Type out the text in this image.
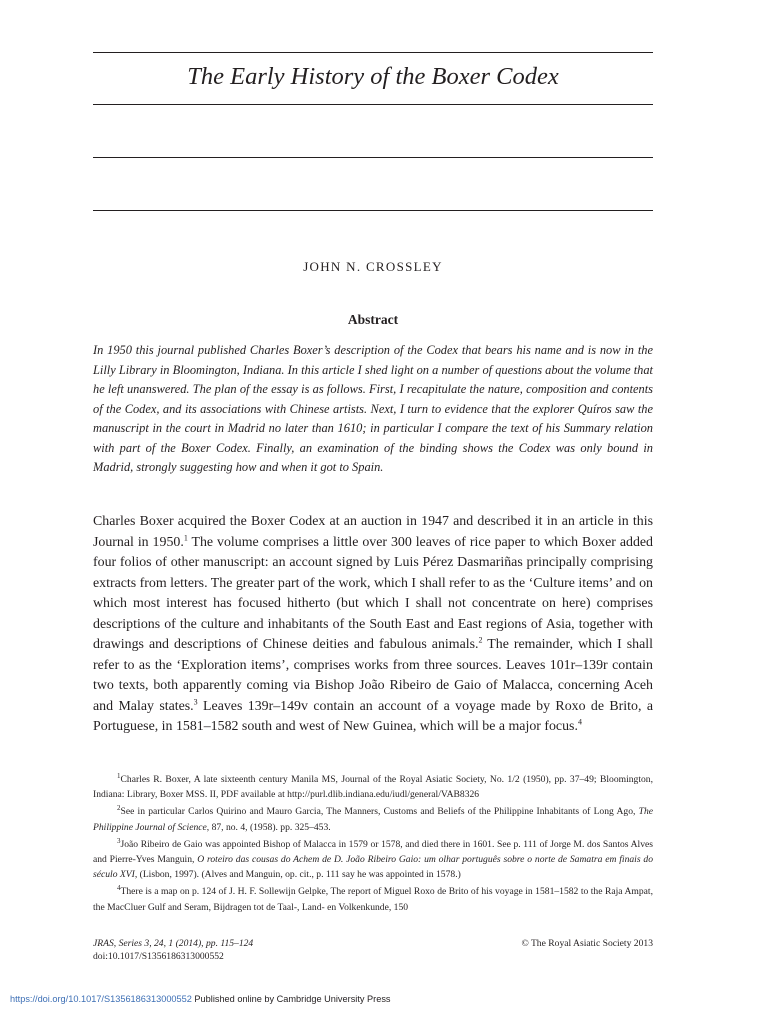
The Early History of the Boxer Codex
JOHN N. CROSSLEY
Abstract

In 1950 this journal published Charles Boxer’s description of the Codex that bears his name and is now in the Lilly Library in Bloomington, Indiana. In this article I shed light on a number of questions about the volume that he left unanswered. The plan of the essay is as follows. First, I recapitulate the nature, composition and contents of the Codex, and its associations with Chinese artists. Next, I turn to evidence that the explorer Quíros saw the manuscript in the court in Madrid no later than 1610; in particular I compare the text of his Summary relation with part of the Boxer Codex. Finally, an examination of the binding shows the Codex was only bound in Madrid, strongly suggesting how and when it got to Spain.

Charles Boxer acquired the Boxer Codex at an auction in 1947 and described it in an article in this Journal in 1950.$^1$ The volume comprises a little over 300 leaves of rice paper to which Boxer added four folios of other manuscript: an account signed by Luis Pérez Dasmariñas principally comprising extracts from letters. The greater part of the work, which I shall refer to as the ‘Culture items’ and on which most interest has focused hitherto (but which I shall not concentrate on here) comprises descriptions of the culture and inhabitants of the South East and East regions of Asia, together with drawings and descriptions of Chinese deities and fabulous animals.$^2$ The remainder, which I shall refer to as the ‘Exploration items’, comprises works from three sources. Leaves 101r–139r contain two texts, both apparently coming via Bishop João Ribeiro de Gaio of Malacca, concerning Aceh and Malay states.$^3$ Leaves 139r–149v contain an account of a voyage made by Roxo de Brito, a Portuguese, in 1581–1582 south and west of New Guinea, which will be a major focus.$^4$

$^1$Charles R. Boxer, A late sixteenth century Manila MS, Journal of the Royal Asiatic Society, No. 1/2 (1950), pp. 37–49; Bloomington, Indiana: Library, Boxer MSS. II, PDF available at http://purl.dlib.indiana.edu/iudl/general/VAB8326

$^2$See in particular Carlos Quirino and Mauro Garcia, The Manners, Customs and Beliefs of the Philippine Inhabitants of Long Ago, The Philippine Journal of Science, 87, no. 4, (1958). pp. 325–453.

$^3$João Ribeiro de Gaio was appointed Bishop of Malacca in 1579 or 1578, and died there in 1601. See p. 111 of Jorge M. dos Santos Alves and Pierre-Yves Manguin, O roteiro das cousas do Achem de D. João Ribeiro Gaio: um olhar português sobre o norte de Samatra em finais do século XVI, (Lisbon, 1997). (Alves and Manguin, op. cit., p. 111 say he was appointed in 1578.)

$^4$There is a map on p. 124 of J. H. F. Sollewijn Gelpke, The report of Miguel Roxo de Brito of his voyage in 1581–1582 to the Raja Ampat, the MacCluer Gulf and Seram, Bijdragen tot de Taal-, Land- en Volkenkunde, 150

JRAS, Series 3, 24, 1 (2014), pp. 115–124	© The Royal Asiatic Society 2013
doi:10.1017/S1356186313000552
https://doi.org/10.1017/S1356186313000552 Published online by Cambridge University Press
